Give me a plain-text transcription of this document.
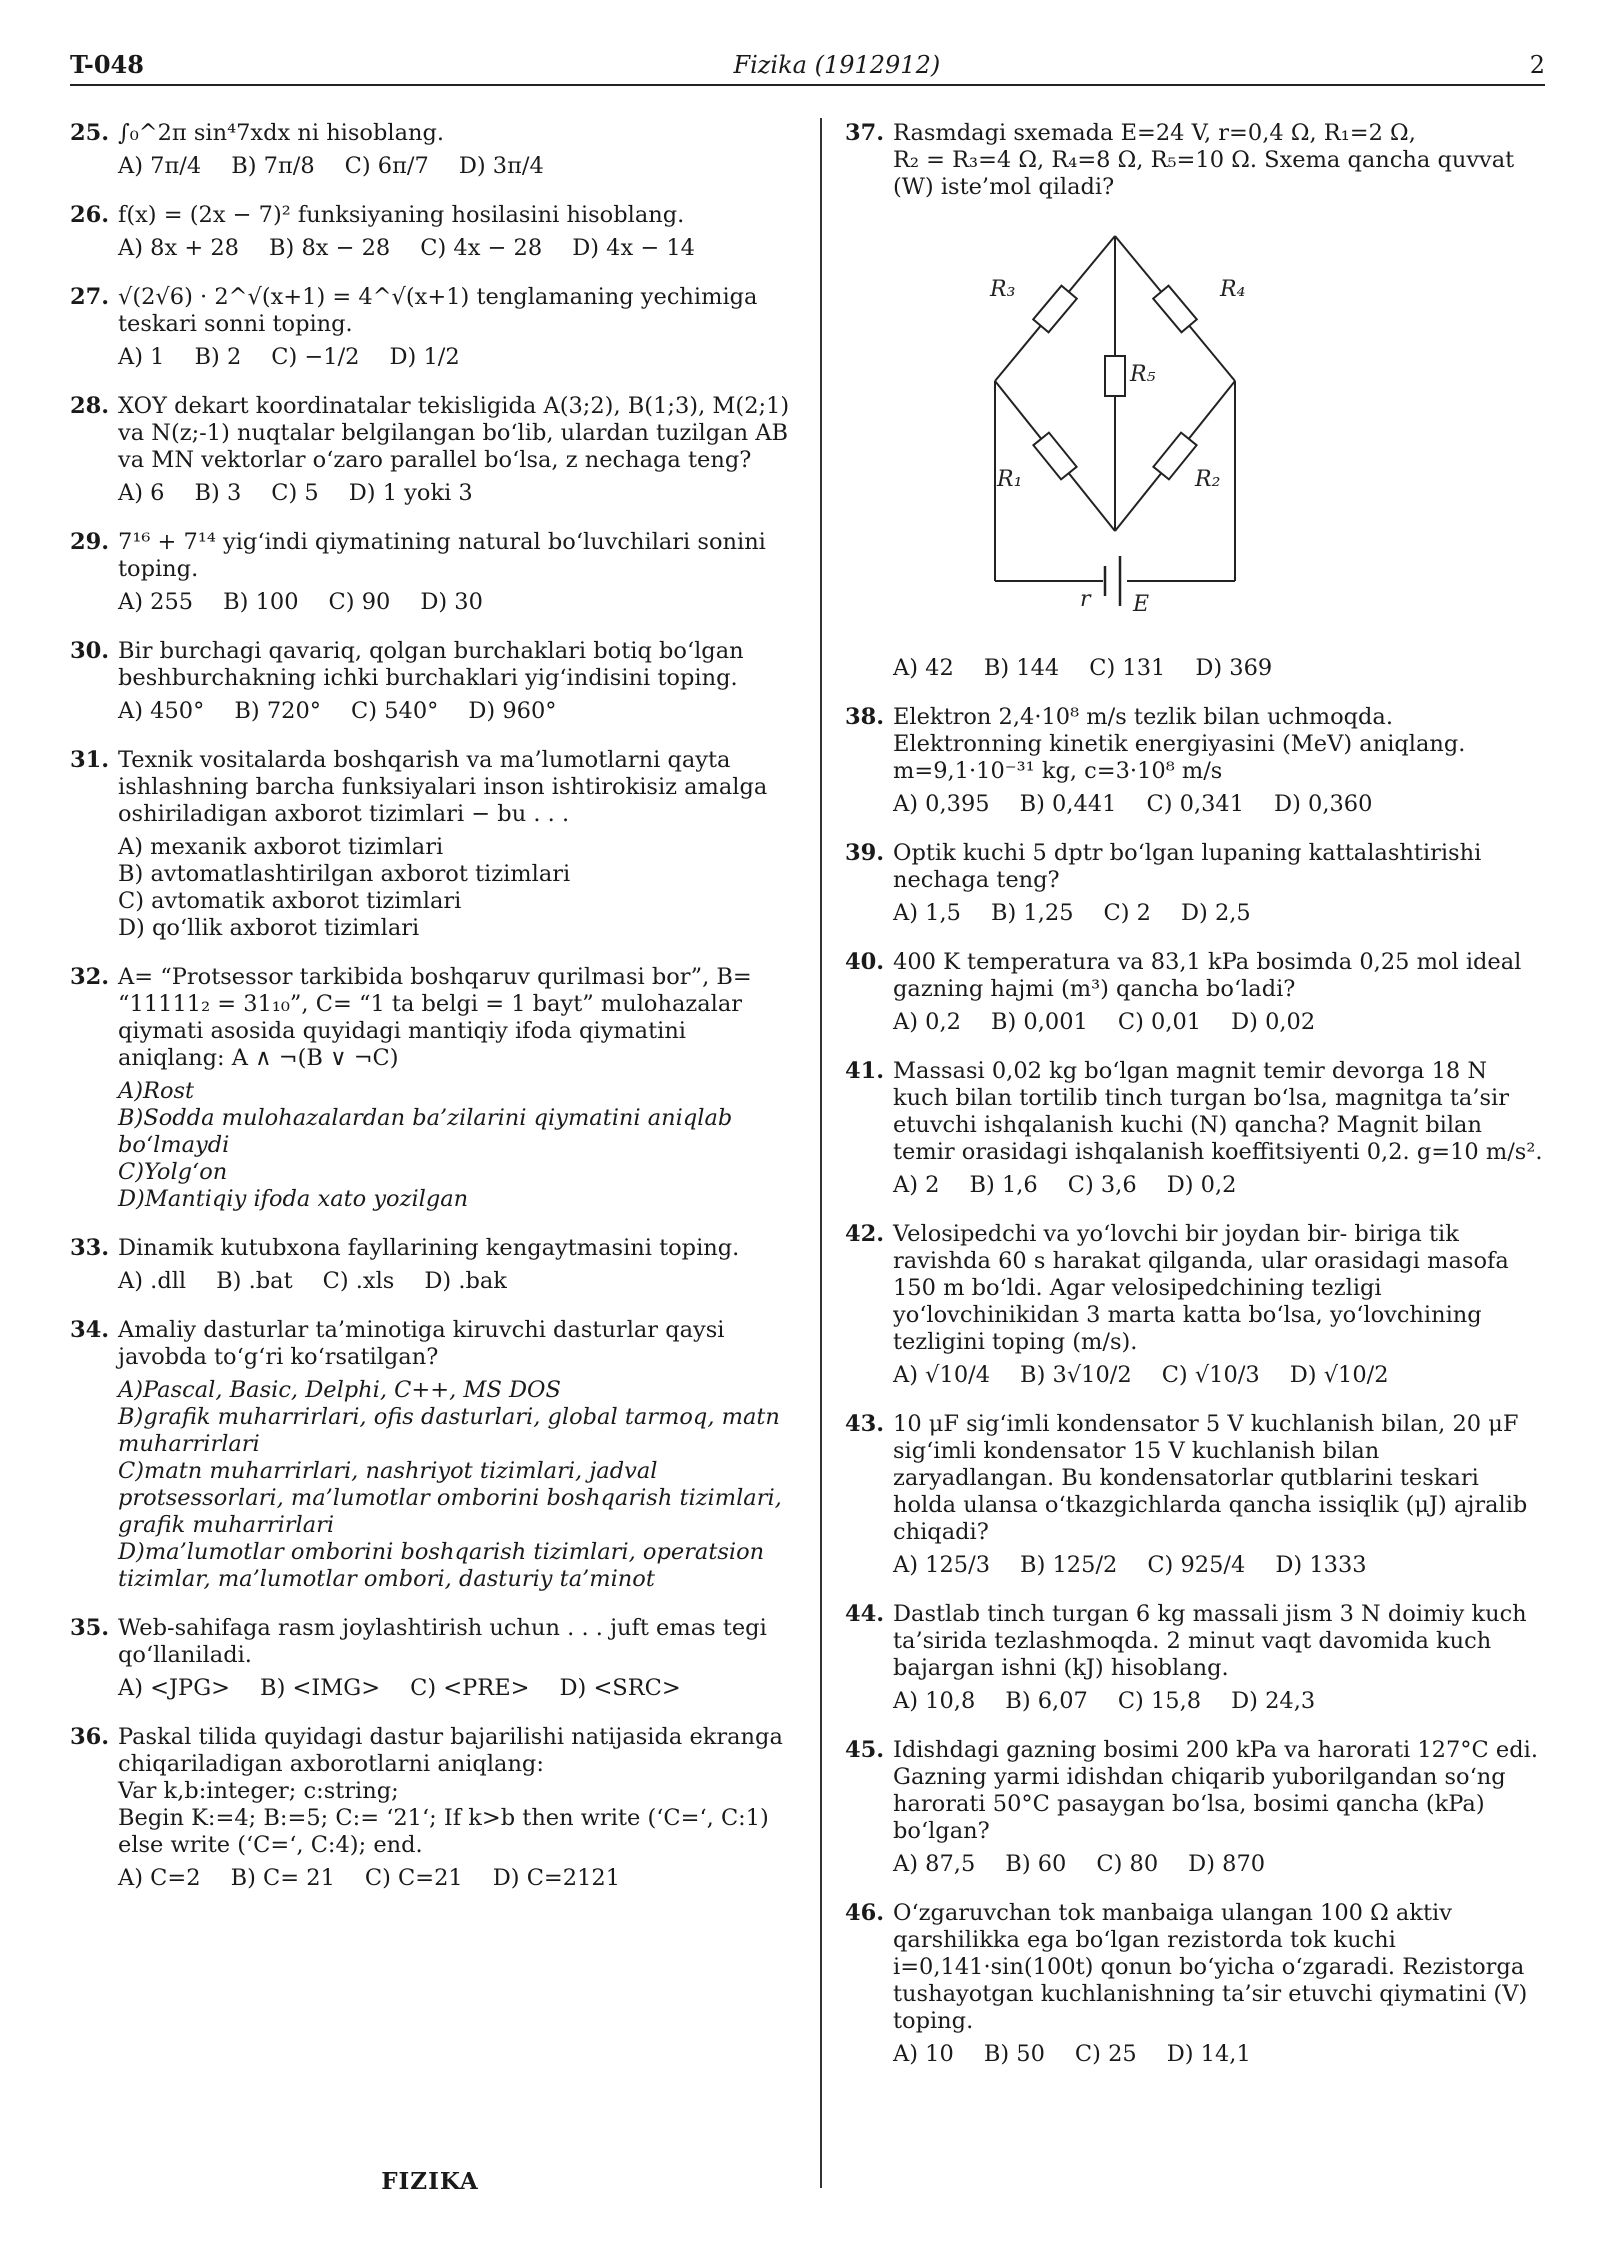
T-048	Fizika (1912912)	2
25. ∫₀^2π sin⁴7xdx ni hisoblang.
A) 7π/4 B) 7π/8 C) 6π/7 D) 3π/4
26. f(x) = (2x − 7)² funksiyaning hosilasini hisoblang.
A) 8x + 28 B) 8x − 28 C) 4x − 28 D) 4x − 14
27. √(2√6) · 2^√(x+1) = 4^√(x+1) tenglamaning yechimiga teskari sonni toping.
A) 1 B) 2 C) −1/2 D) 1/2
28. XOY dekart koordinatalar tekisligida A(3;2), B(1;3), M(2;1) va N(z;-1) nuqtalar belgilangan bo‘lib, ulardan tuzilgan AB va MN vektorlar o‘zaro parallel bo‘lsa, z nechaga teng?
A) 6 B) 3 C) 5 D) 1 yoki 3
29. 7¹⁶ + 7¹⁴ yig‘indi qiymatining natural bo‘luvchilari sonini toping.
A) 255 B) 100 C) 90 D) 30
30. Bir burchagi qavariq, qolgan burchaklari botiq bo‘lgan beshburchakning ichki burchaklari yig‘indisini toping.
A) 450° B) 720° C) 540° D) 960°
31. Texnik vositalarda boshqarish va ma’lumotlarni qayta ishlashning barcha funksiyalari inson ishtirokisiz amalga oshiriladigan axborot tizimlari − bu . . .
A) mexanik axborot tizimlari
B) avtomatlashtirilgan axborot tizimlari
C) avtomatik axborot tizimlari
D) qo‘llik axborot tizimlari
32. A= “Protsessor tarkibida boshqaruv qurilmasi bor”, B= “11111₂ = 31₁₀”, C= “1 ta belgi = 1 bayt” mulohazalar qiymati asosida quyidagi mantiqiy ifoda qiymatini aniqlang: A ∧ ¬(B ∨ ¬C)
A)Rost
B)Sodda mulohazalardan ba’zilarini qiymatini aniqlab bo‘lmaydi
C)Yolg‘on
D)Mantiqiy ifoda xato yozilgan
33. Dinamik kutubxona fayllarining kengaytmasini toping.
A) .dll B) .bat C) .xls D) .bak
34. Amaliy dasturlar ta’minotiga kiruvchi dasturlar qaysi javobda to‘g‘ri ko‘rsatilgan?
A)Pascal, Basic, Delphi, C++, MS DOS
B)grafik muharrirlari, ofis dasturlari, global tarmoq, matn muharrirlari
C)matn muharrirlari, nashriyot tizimlari, jadval protsessorlari, ma’lumotlar omborini boshqarish tizimlari, grafik muharrirlari
D)ma’lumotlar omborini boshqarish tizimlari, operatsion tizimlar, ma’lumotlar ombori, dasturiy ta’minot
35. Web-sahifaga rasm joylashtirish uchun . . . juft emas tegi qo‘llaniladi.
A) <JPG> B) <IMG> C) <PRE> D) <SRC>
36. Paskal tilida quyidagi dastur bajarilishi natijasida ekranga chiqariladigan axborotlarni aniqlang:
Var k,b:integer; c:string;
Begin K:=4; B:=5; C:= ‘21‘; If k>b then write (‘C=‘, C:1)
else write (‘C=‘, C:4); end.
A) C=2 B) C= 21 C) C=21 D) C=2121
FIZIKA
37. Rasmdagi sxemada E=24 V, r=0,4 Ω, R₁=2 Ω,
R₂ = R₃=4 Ω, R₄=8 Ω, R₅=10 Ω. Sxema qancha quvvat
(W) iste’mol qiladi?
R₃	R₄
R₅
R₁	R₂
r E
A) 42 B) 144 C) 131 D) 369
38. Elektron 2,4·10⁸ m/s tezlik bilan uchmoqda. Elektronning kinetik energiyasini (MeV) aniqlang. m=9,1·10⁻³¹ kg, c=3·10⁸ m/s
A) 0,395 B) 0,441 C) 0,341 D) 0,360
39. Optik kuchi 5 dptr bo‘lgan lupaning kattalashtirishi nechaga teng?
A) 1,5 B) 1,25 C) 2 D) 2,5
40. 400 K temperatura va 83,1 kPa bosimda 0,25 mol ideal gazning hajmi (m³) qancha bo‘ladi?
A) 0,2 B) 0,001 C) 0,01 D) 0,02
41. Massasi 0,02 kg bo‘lgan magnit temir devorga 18 N kuch bilan tortilib tinch turgan bo‘lsa, magnitga ta’sir etuvchi ishqalanish kuchi (N) qancha? Magnit bilan temir orasidagi ishqalanish koeffitsiyenti 0,2. g=10 m/s².
A) 2 B) 1,6 C) 3,6 D) 0,2
42. Velosipedchi va yo‘lovchi bir joydan bir- biriga tik ravishda 60 s harakat qilganda, ular orasidagi masofa 150 m bo‘ldi. Agar velosipedchining tezligi yo‘lovchinikidan 3 marta katta bo‘lsa, yo‘lovchining tezligini toping (m/s).
A) √10/4 B) 3√10/2 C) √10/3 D) √10/2
43. 10 μF sig‘imli kondensator 5 V kuchlanish bilan, 20 μF sig‘imli kondensator 15 V kuchlanish bilan zaryadlangan. Bu kondensatorlar qutblarini teskari holda ulansa o‘tkazgichlarda qancha issiqlik (μJ) ajralib chiqadi?
A) 125/3 B) 125/2 C) 925/4 D) 1333
44. Dastlab tinch turgan 6 kg massali jism 3 N doimiy kuch ta’sirida tezlashmoqda. 2 minut vaqt davomida kuch bajargan ishni (kJ) hisoblang.
A) 10,8 B) 6,07 C) 15,8 D) 24,3
45. Idishdagi gazning bosimi 200 kPa va harorati 127°C edi. Gazning yarmi idishdan chiqarib yuborilgandan so‘ng harorati 50°C pasaygan bo‘lsa, bosimi qancha (kPa) bo‘lgan?
A) 87,5 B) 60 C) 80 D) 870
46. O‘zgaruvchan tok manbaiga ulangan 100 Ω aktiv qarshilikka ega bo‘lgan rezistorda tok kuchi i=0,141·sin(100t) qonun bo‘yicha o‘zgaradi. Rezistorga tushayotgan kuchlanishning ta’sir etuvchi qiymatini (V) toping.
A) 10 B) 50 C) 25 D) 14,1
